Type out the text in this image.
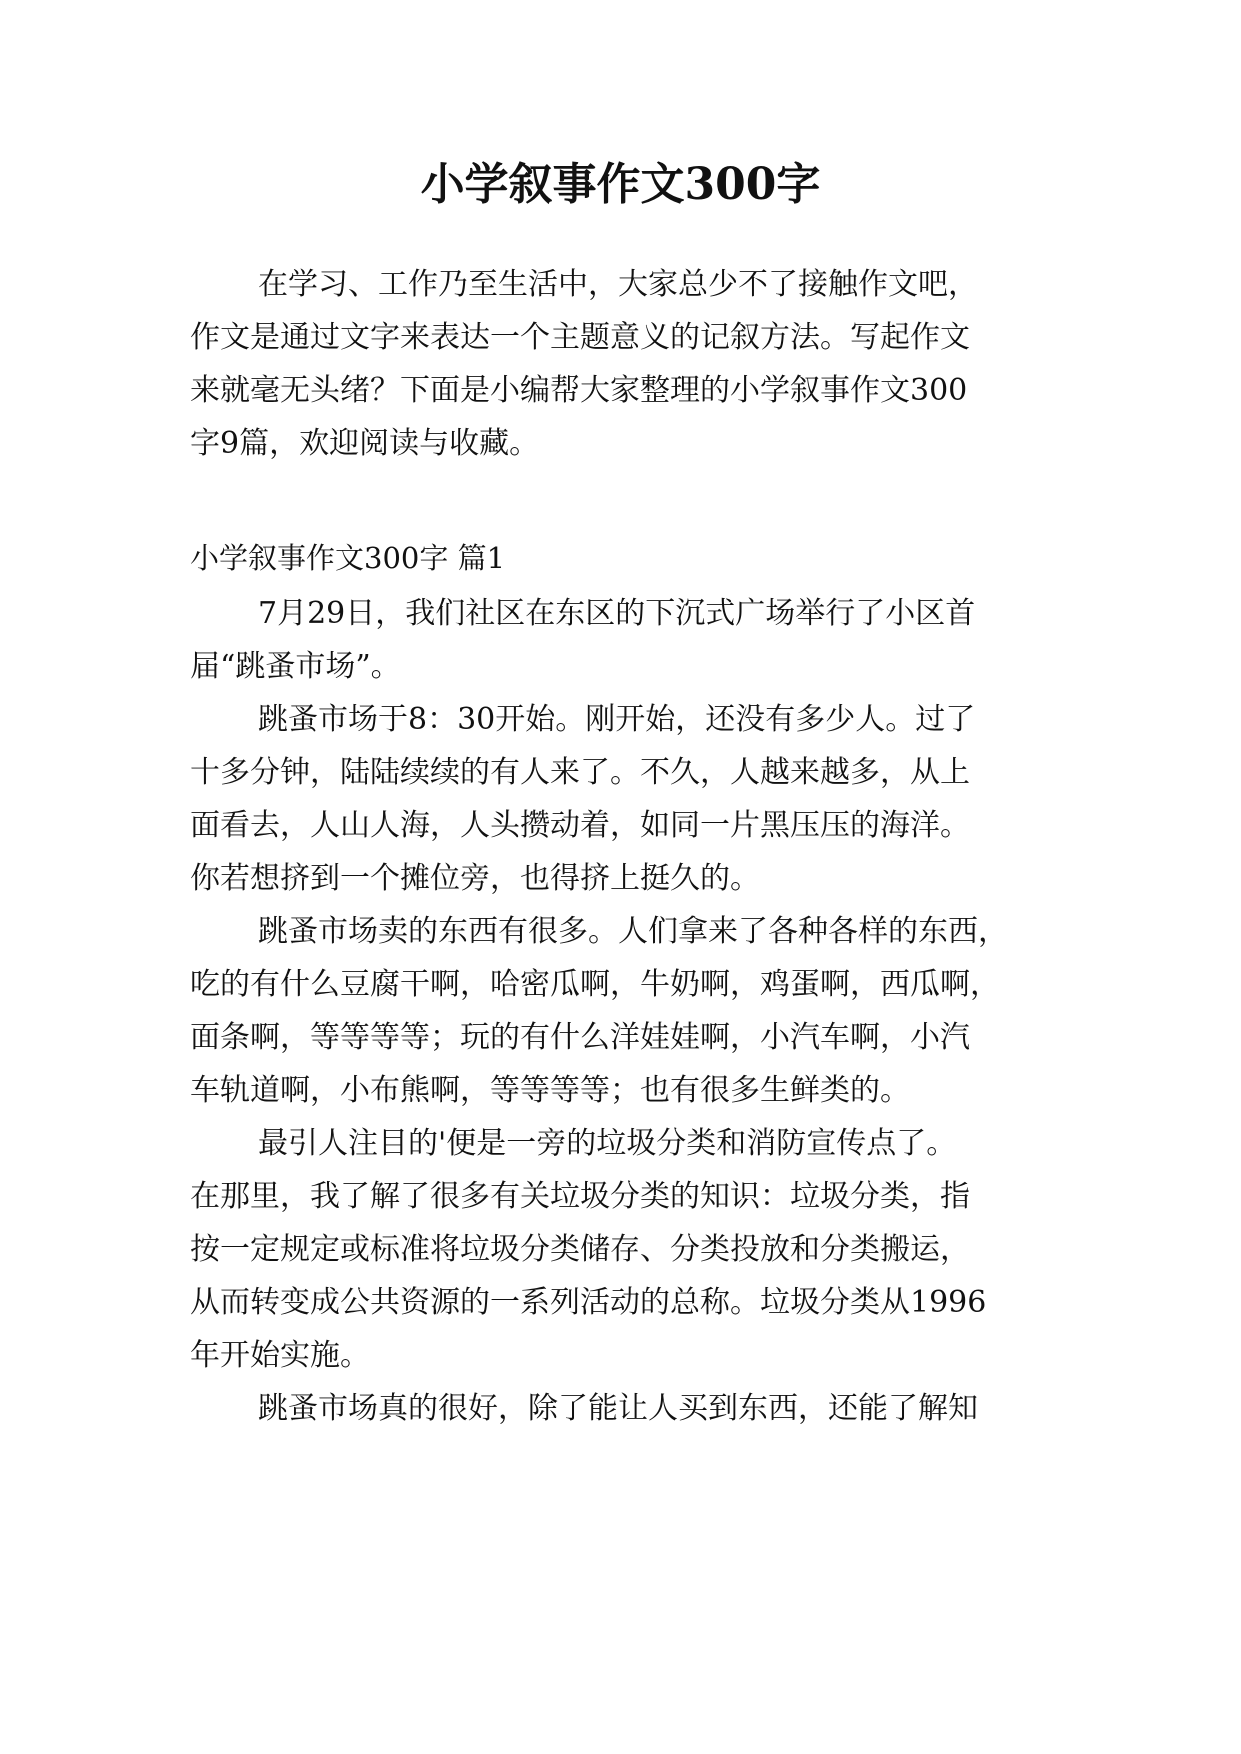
小学叙事作文300字
在学习、工作乃至生活中，大家总少不了接触作文吧，
作文是通过文字来表达一个主题意义的记叙方法。写起作文
来就毫无头绪？下面是小编帮大家整理的小学叙事作文300
字9篇，欢迎阅读与收藏。
小学叙事作文300字 篇1
7月29日，我们社区在东区的下沉式广场举行了小区首
届“跳蚤市场”。
跳蚤市场于8：30开始。刚开始，还没有多少人。过了
十多分钟，陆陆续续的有人来了。不久，人越来越多，从上
面看去，人山人海，人头攒动着，如同一片黑压压的海洋。
你若想挤到一个摊位旁，也得挤上挺久的。
跳蚤市场卖的东西有很多。人们拿来了各种各样的东西，
吃的有什么豆腐干啊，哈密瓜啊，牛奶啊，鸡蛋啊，西瓜啊，
面条啊，等等等等；玩的有什么洋娃娃啊，小汽车啊，小汽
车轨道啊，小布熊啊，等等等等；也有很多生鲜类的。
最引人注目的'便是一旁的垃圾分类和消防宣传点了。
在那里，我了解了很多有关垃圾分类的知识：垃圾分类，指
按一定规定或标准将垃圾分类储存、分类投放和分类搬运，
从而转变成公共资源的一系列活动的总称。垃圾分类从1996
年开始实施。
跳蚤市场真的很好，除了能让人买到东西，还能了解知
